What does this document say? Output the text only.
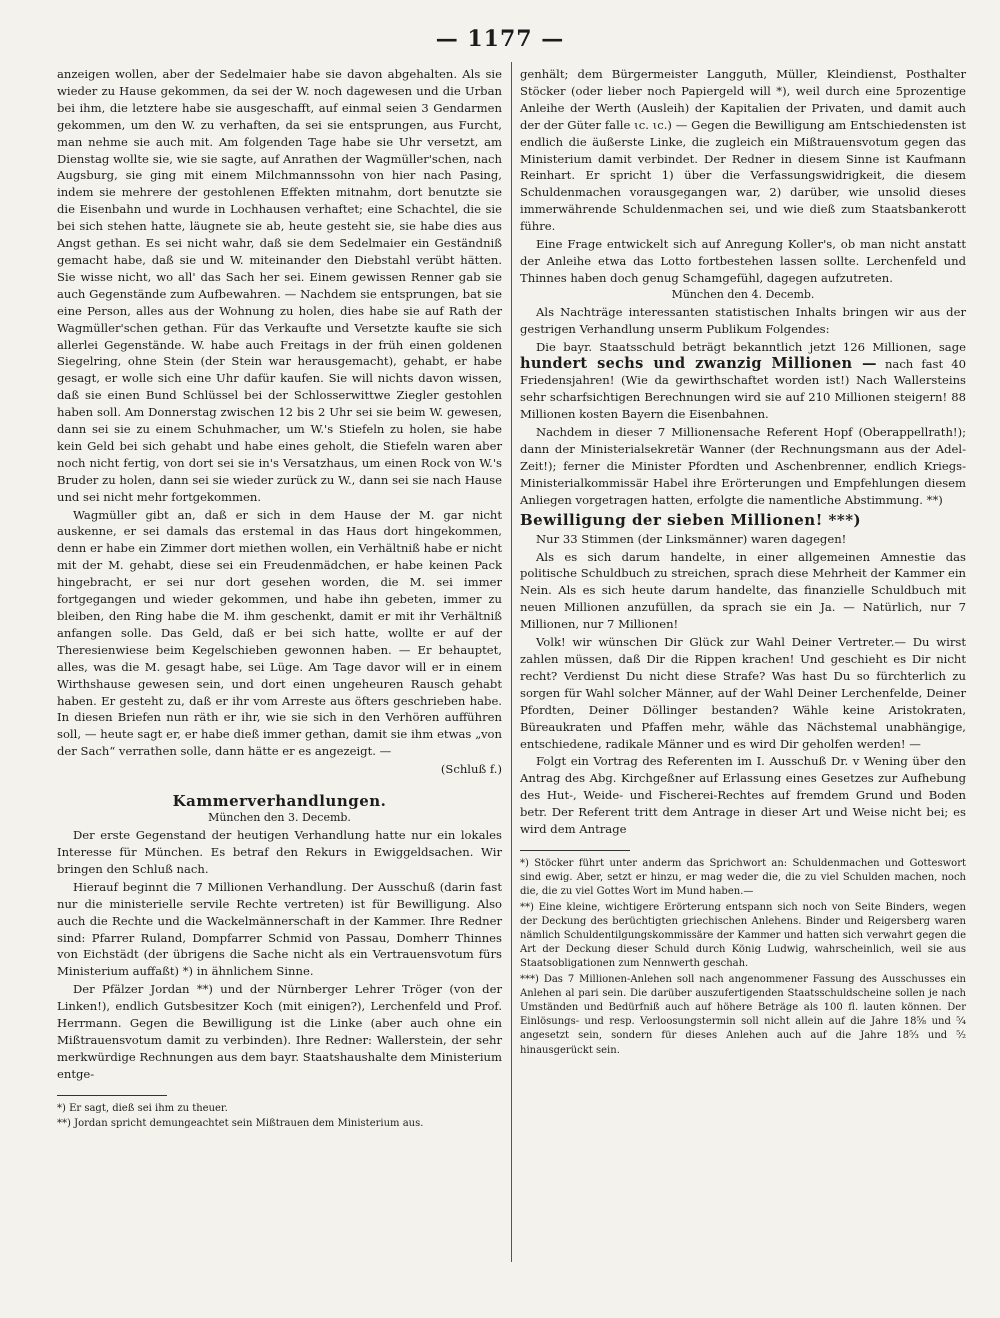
— 1177 —

anzeigen wollen, aber der Sedelmaier habe sie davon abgehalten. Als sie wieder zu Hause gekommen, da sei der W. noch dagewesen und die Urban bei ihm, die letztere habe sie ausgeschafft, auf einmal seien 3 Gendarmen gekommen, um den W. zu verhaften, da sei sie entsprungen, aus Furcht, man nehme sie auch mit. Am folgenden Tage habe sie Uhr versetzt, am Dienstag wollte sie, wie sie sagte, auf Anrathen der Wagmüller'schen, nach Augsburg, sie ging mit einem Milchmannssohn von hier nach Pasing, indem sie mehrere der gestohlenen Effekten mitnahm, dort benutzte sie die Eisenbahn und wurde in Lochhausen verhaftet; eine Schachtel, die sie bei sich stehen hatte, läugnete sie ab, heute gesteht sie, sie habe dies aus Angst gethan. Es sei nicht wahr, daß sie dem Sedelmaier ein Geständniß gemacht habe, daß sie und W. miteinander den Diebstahl verübt hätten. Sie wisse nicht, wo all' das Sach her sei. Einem gewissen Renner gab sie auch Gegenstände zum Aufbewahren. — Nachdem sie entsprungen, bat sie eine Person, alles aus der Wohnung zu holen, dies habe sie auf Rath der Wagmüller'schen gethan. Für das Verkaufte und Versetzte kaufte sie sich allerlei Gegenstände. W. habe auch Freitags in der früh einen goldenen Siegelring, ohne Stein (der Stein war herausgemacht), gehabt, er habe gesagt, er wolle sich eine Uhr dafür kaufen. Sie will nichts davon wissen, daß sie einen Bund Schlüssel bei der Schlosserwittwe Ziegler gestohlen haben soll. Am Donnerstag zwischen 12 bis 2 Uhr sei sie beim W. gewesen, dann sei sie zu einem Schuhmacher, um W.'s Stiefeln zu holen, sie habe kein Geld bei sich gehabt und habe eines geholt, die Stiefeln waren aber noch nicht fertig, von dort sei sie in's Versatzhaus, um einen Rock von W.'s Bruder zu holen, dann sei sie wieder zurück zu W., dann sei sie nach Hause und sei nicht mehr fortgekommen.

Wagmüller gibt an, daß er sich in dem Hause der M. gar nicht auskenne, er sei damals das erstemal in das Haus dort hingekommen, denn er habe ein Zimmer dort miethen wollen, ein Verhältniß habe er nicht mit der M. gehabt, diese sei ein Freudenmädchen, er habe keinen Pack hingebracht, er sei nur dort gesehen worden, die M. sei immer fortgegangen und wieder gekommen, und habe ihn gebeten, immer zu bleiben, den Ring habe die M. ihm geschenkt, damit er mit ihr Verhältniß anfangen solle. Das Geld, daß er bei sich hatte, wollte er auf der Theresienwiese beim Kegelschieben gewonnen haben. — Er behauptet, alles, was die M. gesagt habe, sei Lüge. Am Tage davor will er in einem Wirthshause gewesen sein, und dort einen ungeheuren Rausch gehabt haben. Er gesteht zu, daß er ihr vom Arreste aus öfters geschrieben habe. In diesen Briefen nun räth er ihr, wie sie sich in den Verhören aufführen soll, — heute sagt er, er habe dieß immer gethan, damit sie ihm etwas „von der Sach“ verrathen solle, dann hätte er es angezeigt. —

(Schluß f.)

Kammerverhandlungen.
München den 3. Decemb.

Der erste Gegenstand der heutigen Verhandlung hatte nur ein lokales Interesse für München. Es betraf den Rekurs in Ewiggeldsachen. Wir bringen den Schluß nach.

Hierauf beginnt die 7 Millionen Verhandlung. Der Ausschuß (darin fast nur die ministerielle servile Rechte vertreten) ist für Bewilligung. Also auch die Rechte und die Wackelmännerschaft in der Kammer. Ihre Redner sind: Pfarrer Ruland, Dompfarrer Schmid von Passau, Domherr Thinnes von Eichstädt (der übrigens die Sache nicht als ein Vertrauensvotum fürs Ministerium auffaßt) *) in ähnlichem Sinne.

Der Pfälzer Jordan **) und der Nürnberger Lehrer Tröger (von der Linken!), endlich Gutsbesitzer Koch (mit einigen?), Lerchenfeld und Prof. Herrmann. Gegen die Bewilligung ist die Linke (aber auch ohne ein Mißtrauensvotum damit zu verbinden). Ihre Redner: Wallerstein, der sehr merkwürdige Rechnungen aus dem bayr. Staatshaushalte dem Ministerium entge-

*) Er sagt, dieß sei ihm zu theuer.

**) Jordan spricht demungeachtet sein Mißtrauen dem Ministerium aus.

genhält; dem Bürgermeister Langguth, Müller, Kleindienst, Posthalter Stöcker (oder lieber noch Papiergeld will *), weil durch eine 5prozentige Anleihe der Werth (Ausleih) der Kapitalien der Privaten, und damit auch der der Güter falle ɩc. ɩc.) — Gegen die Bewilligung am Entschiedensten ist endlich die äußerste Linke, die zugleich ein Mißtrauensvotum gegen das Ministerium damit verbindet. Der Redner in diesem Sinne ist Kaufmann Reinhart. Er spricht 1) über die Verfassungswidrigkeit, die diesem Schuldenmachen vorausgegangen war, 2) darüber, wie unsolid dieses immerwährende Schuldenmachen sei, und wie dieß zum Staatsbankerott führe.

Eine Frage entwickelt sich auf Anregung Koller's, ob man nicht anstatt der Anleihe etwa das Lotto fortbestehen lassen sollte. Lerchenfeld und Thinnes haben doch genug Schamgefühl, dagegen aufzutreten.

München den 4. Decemb.

Als Nachträge interessanten statistischen Inhalts bringen wir aus der gestrigen Verhandlung unserm Publikum Folgendes:

Die bayr. Staatsschuld beträgt bekanntlich jetzt 126 Millionen, sage hundert sechs und zwanzig Millionen — nach fast 40 Friedensjahren! (Wie da gewirthschaftet worden ist!) Nach Wallersteins sehr scharfsichtigen Berechnungen wird sie auf 210 Millionen steigern! 88 Millionen kosten Bayern die Eisenbahnen.

Nachdem in dieser 7 Millionensache Referent Hopf (Oberappellrath!); dann der Ministerialsekretär Wanner (der Rechnungsmann aus der Adel-Zeit!); ferner die Minister Pfordten und Aschenbrenner, endlich Kriegs-Ministerialkommissär Habel ihre Erörterungen und Empfehlungen diesem Anliegen vorgetragen hatten, erfolgte die namentliche Abstimmung. **)

Bewilligung der sieben Millionen! ***)

Nur 33 Stimmen (der Linksmänner) waren dagegen!

Als es sich darum handelte, in einer allgemeinen Amnestie das politische Schuldbuch zu streichen, sprach diese Mehrheit der Kammer ein Nein. Als es sich heute darum handelte, das finanzielle Schuldbuch mit neuen Millionen anzufüllen, da sprach sie ein Ja. — Natürlich, nur 7 Millionen, nur 7 Millionen!

Volk! wir wünschen Dir Glück zur Wahl Deiner Vertreter.— Du wirst zahlen müssen, daß Dir die Rippen krachen! Und geschieht es Dir nicht recht? Verdienst Du nicht diese Strafe? Was hast Du so fürchterlich zu sorgen für Wahl solcher Männer, auf der Wahl Deiner Lerchenfelde, Deiner Pfordten, Deiner Döllinger bestanden? Wähle keine Aristokraten, Büreaukraten und Pfaffen mehr, wähle das Nächstemal unabhängige, entschiedene, radikale Männer und es wird Dir geholfen werden! —

Folgt ein Vortrag des Referenten im I. Ausschuß Dr. v Wening über den Antrag des Abg. Kirchgeßner auf Erlassung eines Gesetzes zur Aufhebung des Hut-, Weide- und Fischerei-Rechtes auf fremdem Grund und Boden betr. Der Referent tritt dem Antrage in dieser Art und Weise nicht bei; es wird dem Antrage

*) Stöcker führt unter anderm das Sprichwort an: Schuldenmachen und Gotteswort sind ewig. Aber, setzt er hinzu, er mag weder die, die zu viel Schulden machen, noch die, die zu viel Gottes Wort im Mund haben.—

**) Eine kleine, wichtigere Erörterung entspann sich noch von Seite Binders, wegen der Deckung des berüchtigten griechischen Anlehens. Binder und Reigersberg waren nämlich Schuldentilgungskommissäre der Kammer und hatten sich verwahrt gegen die Art der Deckung dieser Schuld durch König Ludwig, wahrscheinlich, weil sie aus Staatsobligationen zum Nennwerth geschah.

***) Das 7 Millionen-Anlehen soll nach angenommener Fassung des Ausschusses ein Anlehen al pari sein. Die darüber auszufertigenden Staatsschuldscheine sollen je nach Umständen und Bedürfniß auch auf höhere Beträge als 100 fl. lauten können. Der Einlösungs- und resp. Verloosungstermin soll nicht allein auf die Jahre 18⁵⁄₈ und ⁵⁄₄ angesetzt sein, sondern für dieses Anlehen auch auf die Jahre 18⁵⁄₃ und ⁵⁄₂ hinausgerückt sein.
